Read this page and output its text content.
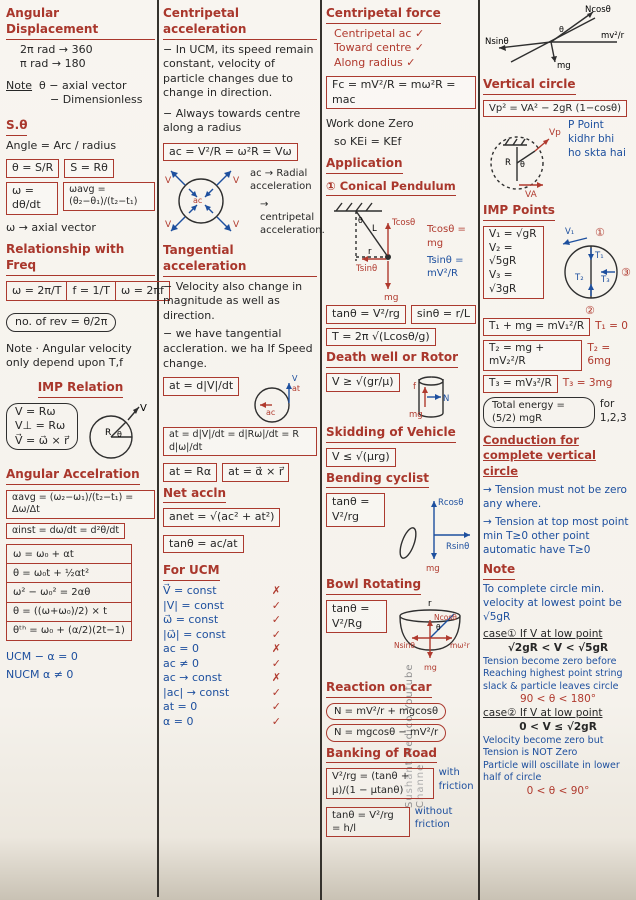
Angular Displacement
2π rad → 360
π rad → 180
Note θ − axial vector
− Dimensionless
S.θ
Angle = Arc / radius
θ = S/R	S = Rθ
ω = dθ/dt
ωavg = (θ₂−θ₁)/(t₂−t₁)
ω → axial vector
Relationship with Freq
ω = 2π/T	f = 1/T	ω = 2πf
no. of rev = θ/2π
Note · Angular velocity
only depend upon T,f
IMP Relation
V = Rω
V⊥ = Rω
V⃗ = ω⃗ × r⃗
R θ
V
Angular Accelration
αavg = (ω₂−ω₁)/(t₂−t₁) = Δω/Δt
αinst = dω/dt = d²θ/dt
ω = ω₀ + αt
θ = ω₀t + ½αt²
ω² − ω₀² = 2αθ
θ = ((ω+ω₀)/2) × t
θᵗʰ = ω₀ + (α/2)(2t−1)
UCM − α = 0
NUCM α ≠ 0
Centripetal acceleration
− In UCM, its speed remain constant, velocity of particle changes due to change in direction.
− Always towards centre along a radius
ac = V²/R = ω²R = Vω
V	V
V	V
ac
ac → Radial acceleration
→ centripetal acceleration.
Tangential acceleration
− Velocity also change in magnitude as well as direction.
− we have tangential accleration. we ha If Speed change.
at = d|V|/dt	at
ac
V
at = d|V|/dt = d|Rω|/dt = R d|ω|/dt
at = Rα	at = α⃗ × r⃗
Net accln
anet = √(ac² + at²)
tanθ = ac/at
For UCM
V⃗ = const	✗
|V| = const	✓
ω⃗ = const	✓
|ω⃗| = const	✓
ac = 0	✗
ac ≠ 0	✓
ac → const	✗
|ac| → const	✓
at = 0	✓
α = 0	✓	Sushant Medico Youtube Channel
Centripetal force
Centripetal ac ✓
Toward centre ✓
Along radius ✓
Fc = mV²/R = mω²R = mac
Work done Zero
so KEi = KEf
Application
① Conical Pendulum
Tcosθ
Tsinθ
mg
r
L
θ
Tcosθ = mg
Tsinθ = mV²/R
tanθ = V²/rg	sinθ = r/L
T = 2π √(Lcosθ/g)
Death well or Rotor
V ≥ √(gr/μ)	f
N
mg
Skidding of Vehicle
V ≤ √(μrg)
Bending cyclist
tanθ = V²/rg
Rcosθ
Rsinθ
mg
Bowl Rotating
tanθ = V²/Rg
r
θ
Ncosθ
Nsinθ	mω²r
mg
Reaction on car
N = mV²/r + mgcosθ
N = mgcosθ − mV²/r
Banking of Road
V²/rg = (tanθ + μ)/(1 − μtanθ)
with friction
tanθ = V²/rg = h/l
without friction
Ncosθ
Nsinθ
mg
mv²/r
θ
Vertical circle
Vp² = VA² − 2gR (1−cosθ)
R θ
Vp
VA
P Point kidhr bhi ho skta hai
IMP Points
V₁ = √gR
V₂ = √5gR
V₃ = √3gR
V₁
T₁
T₂ T₃
①
③
②
T₁ + mg = mV₁²/R	T₁ = 0
T₂ = mg + mV₂²/R
T₂ = 6mg
T₃ = mV₃²/R	T₃ = 3mg
Total energy = (5/2) mgR
for 1,2,3
Conduction for complete vertical circle
→ Tension must not be zero any where.
→ Tension at top most point min T≥0 other point automatic have T≥0
Note
To complete circle min. velocity at lowest point be √5gR
case① If V at low point
√2gR < V < √5gR
Tension become zero before Reaching highest point string slack & particle leaves circle
90 < θ < 180°
case② If V at low point
0 < V ≤ √2gR
Velocity become zero but Tension is NOT Zero
Particle will oscillate in lower half of circle
0 < θ < 90°
